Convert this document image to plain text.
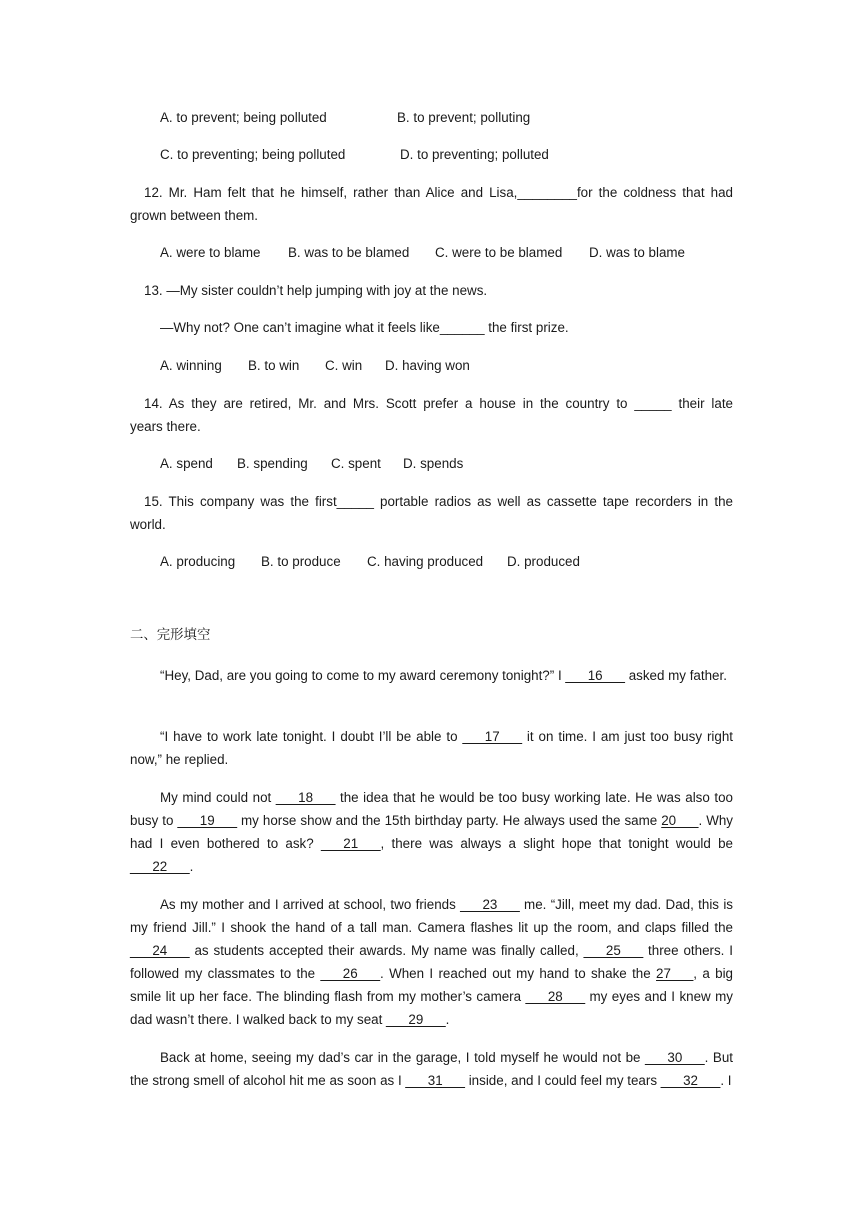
A. to prevent; being polluted	B. to prevent; polluting
C. to preventing; being polluted	D. to preventing; polluted
12. Mr. Ham felt that he himself, rather than Alice and Lisa,________for the coldness that had
grown between them.
A. were to blame B. was to be blamed C. were to be blamed D. was to blame
13. —My sister couldn’t help jumping with joy at the news.
—Why not? One can’t imagine what it feels like______ the first prize.
A. winning B. to win C. win D. having won
14. As they are retired, Mr. and Mrs. Scott prefer a house in the country to _____ their late
years there.
A. spend B. spending C. spent D. spends
15. This company was the first_____ portable radios as well as cassette tape recorders in the
world.
A. producing B. to produce C. having produced D. produced
二、完形填空
“Hey, Dad, are you going to come to my award ceremony tonight?” I ___16___ asked my father.
“I have to work late tonight. I doubt I’ll be able to ___17___ it on time. I am just too busy right now,” he replied.
My mind could not ___18___ the idea that he would be too busy working late. He was also too busy to ___19___ my horse show and the 15th birthday party. He always used the same 20___. Why had I even bothered to ask? ___21___, there was always a slight hope that tonight would be ___22___.
As my mother and I arrived at school, two friends ___23___ me. “Jill, meet my dad. Dad, this is my friend Jill.” I shook the hand of a tall man. Camera flashes lit up the room, and claps filled the ___24___ as students accepted their awards. My name was finally called, ___25___ three others. I followed my classmates to the ___26___. When I reached out my hand to shake the 27___, a big smile lit up her face. The blinding flash from my mother’s camera ___28___ my eyes and I knew my dad wasn’t there. I walked back to my seat ___29___.
Back at home, seeing my dad’s car in the garage, I told myself he would not be ___30___. But the strong smell of alcohol hit me as soon as I ___31___ inside, and I could feel my tears ___32___. I
